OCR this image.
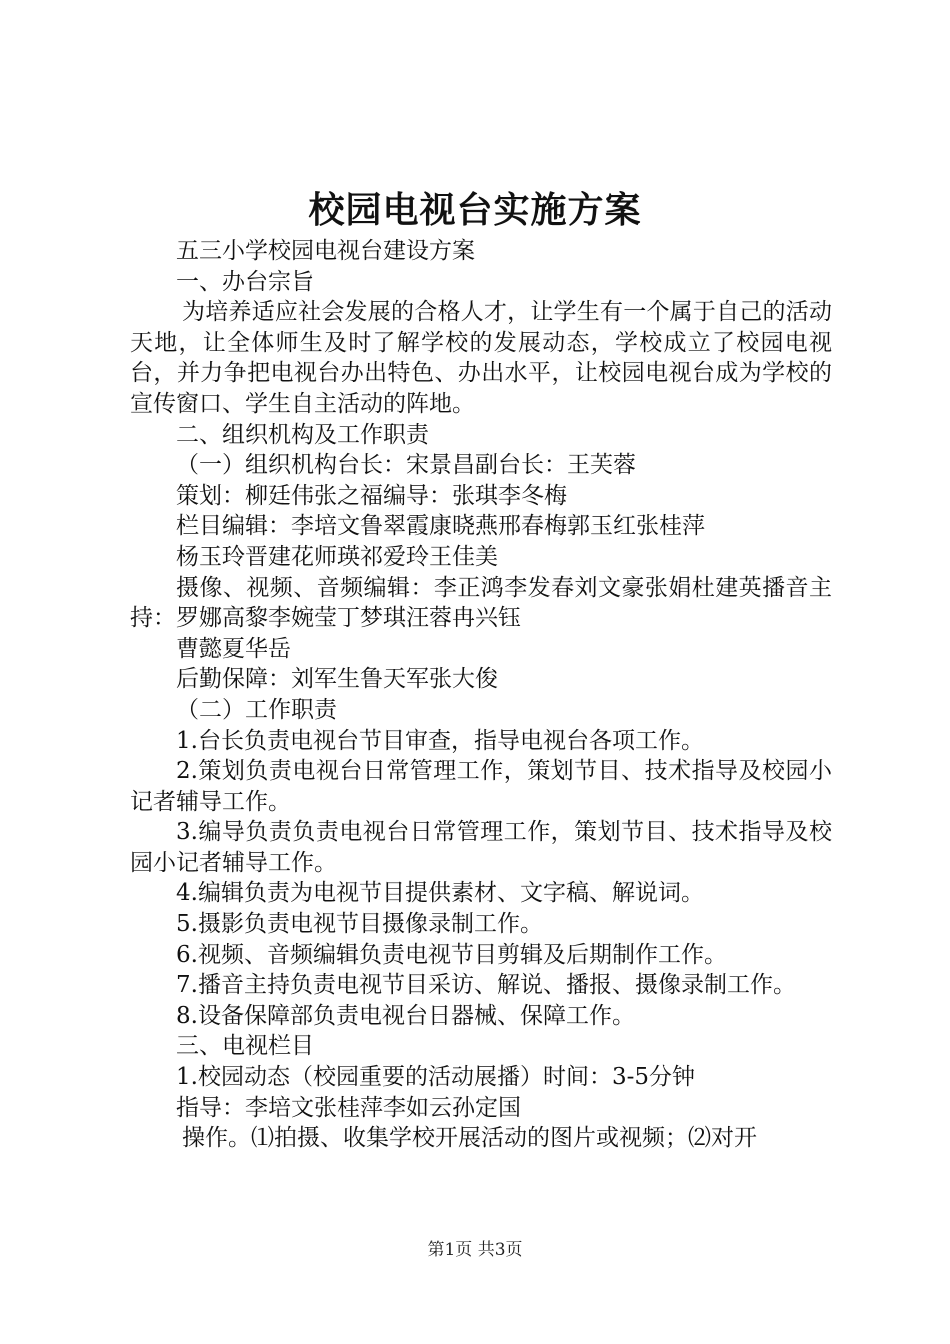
校园电视台实施方案

五三小学校园电视台建设方案

一、办台宗旨

为培养适应社会发展的合格人才，让学生有一个属于自己的活动天地，让全体师生及时了解学校的发展动态，学校成立了校园电视台，并力争把电视台办出特色、办出水平，让校园电视台成为学校的宣传窗口、学生自主活动的阵地。

二、组织机构及工作职责

（一）组织机构台长：宋景昌副台长：王芙蓉

策划：柳廷伟张之福编导：张琪李冬梅

栏目编辑：李培文鲁翠霞康晓燕邢春梅郭玉红张桂萍

杨玉玲晋建花师瑛祁爱玲王佳美

摄像、视频、音频编辑：李正鸿李发春刘文豪张娟杜建英播音主持：罗娜高黎李婉莹丁梦琪汪蓉冉兴钰

曹懿夏华岳

后勤保障：刘军生鲁天军张大俊

（二）工作职责

1.台长负责电视台节目审查，指导电视台各项工作。

2.策划负责电视台日常管理工作，策划节目、技术指导及校园小记者辅导工作。

3.编导负责负责电视台日常管理工作，策划节目、技术指导及校园小记者辅导工作。

4.编辑负责为电视节目提供素材、文字稿、解说词。

5.摄影负责电视节目摄像录制工作。

6.视频、音频编辑负责电视节目剪辑及后期制作工作。

7.播音主持负责电视节目采访、解说、播报、摄像录制工作。

8.设备保障部负责电视台日器械、保障工作。

三、电视栏目

1.校园动态（校园重要的活动展播）时间：3-5分钟

指导：李培文张桂萍李如云孙定国

操作。⑴拍摄、收集学校开展活动的图片或视频；⑵对开

第1页 共3页
